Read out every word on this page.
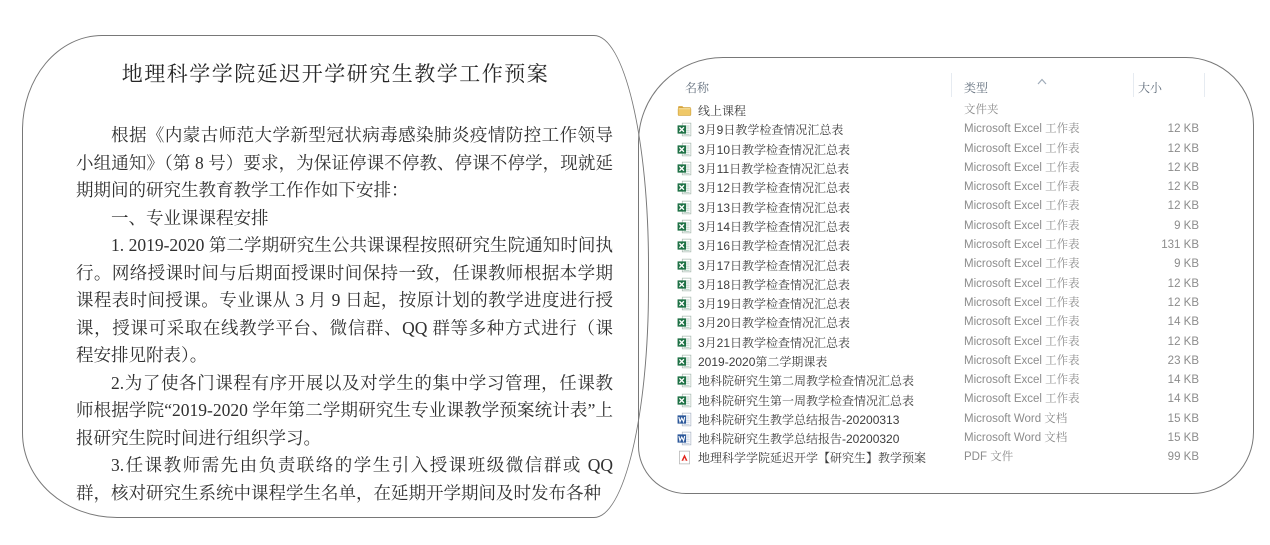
地理科学学院延迟开学研究生教学工作预案

根据《内蒙古师范大学新型冠状病毒感染肺炎疫情防控工作领导小组通知》（第 8 号）要求，为保证停课不停教、停课不停学，现就延期期间的研究生教育教学工作作如下安排：

一、专业课课程安排

1. 2019-2020 第二学期研究生公共课课程按照研究生院通知时间执行。网络授课时间与后期面授课时间保持一致，任课教师根据本学期课程表时间授课。专业课从 3 月 9 日起，按原计划的教学进度进行授课，授课可采取在线教学平台、微信群、QQ 群等多种方式进行（课程安排见附表）。

2.为了使各门课程有序开展以及对学生的集中学习管理，任课教师根据学院“2019-2020 学年第二学期研究生专业课教学预案统计表”上报研究生院时间进行组织学习。

3.任课教师需先由负责联络的学生引入授课班级微信群或 QQ 群，核对研究生系统中课程学生名单，在延期开学期间及时发布各种

名称	类型	大小
线上课程	文件夹
3月9日教学检查情况汇总表	Microsoft Excel 工作表	12 KB
3月10日教学检查情况汇总表	Microsoft Excel 工作表	12 KB
3月11日教学检查情况汇总表	Microsoft Excel 工作表	12 KB
3月12日教学检查情况汇总表	Microsoft Excel 工作表	12 KB
3月13日教学检查情况汇总表	Microsoft Excel 工作表	12 KB
3月14日教学检查情况汇总表	Microsoft Excel 工作表	9 KB
3月16日教学检查情况汇总表	Microsoft Excel 工作表	131 KB
3月17日教学检查情况汇总表	Microsoft Excel 工作表	9 KB
3月18日教学检查情况汇总表	Microsoft Excel 工作表	12 KB
3月19日教学检查情况汇总表	Microsoft Excel 工作表	12 KB
3月20日教学检查情况汇总表	Microsoft Excel 工作表	14 KB
3月21日教学检查情况汇总表	Microsoft Excel 工作表	12 KB
2019-2020第二学期课表	Microsoft Excel 工作表	23 KB
地科院研究生第二周教学检查情况汇总表	Microsoft Excel 工作表	14 KB
地科院研究生第一周教学检查情况汇总表	Microsoft Excel 工作表	14 KB
地科院研究生教学总结报告-20200313	Microsoft Word 文档	15 KB
地科院研究生教学总结报告-20200320	Microsoft Word 文档	15 KB
地理科学学院延迟开学【研究生】教学预案	PDF 文件	99 KB
